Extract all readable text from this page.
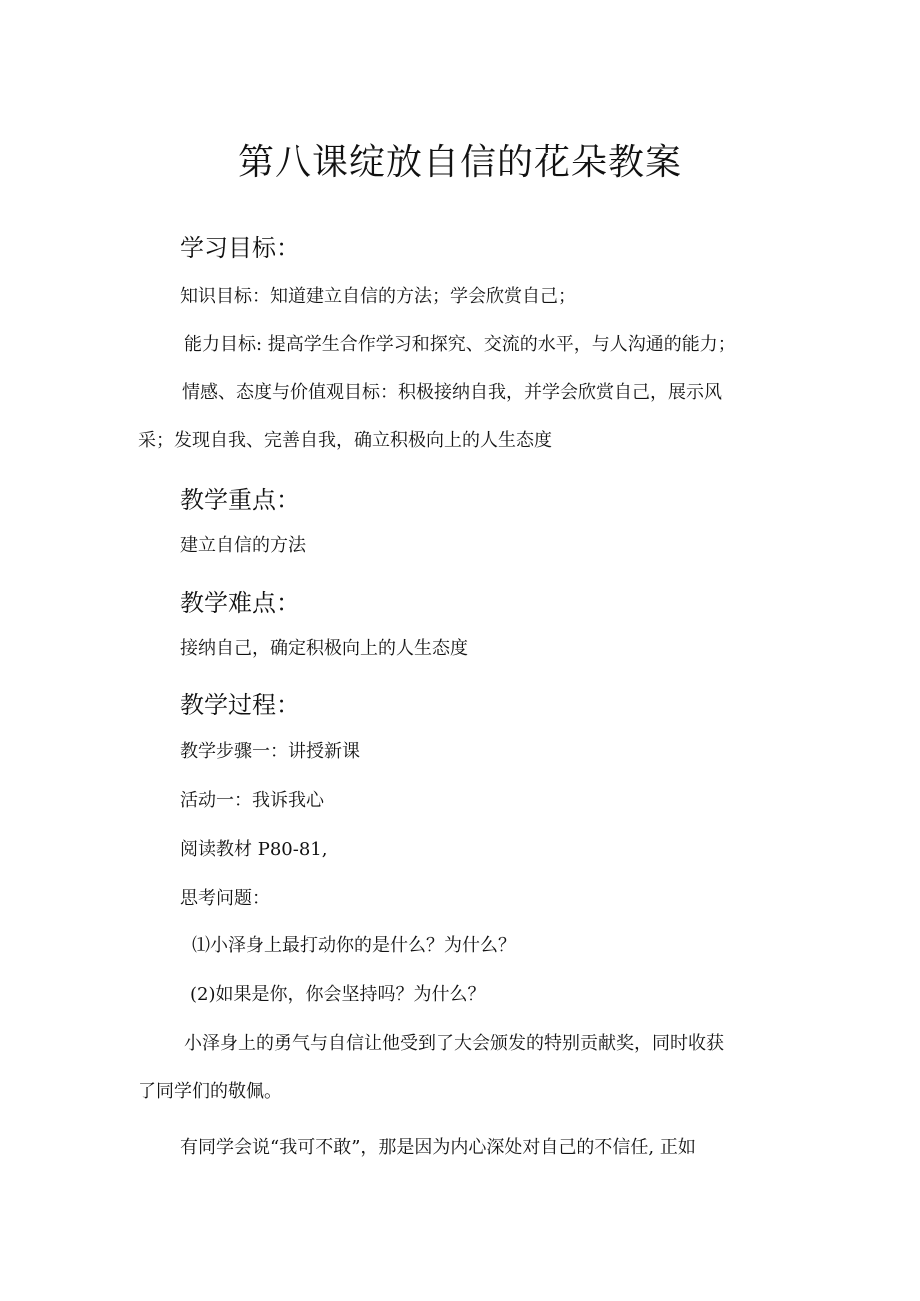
第八课绽放自信的花朵教案

学习目标：

知识目标：知道建立自信的方法；学会欣赏自己；

能力目标: 提高学生合作学习和探究、交流的水平，与人沟通的能力；

情感、态度与价值观目标：积极接纳自我，并学会欣赏自己，展示风

采；发现自我、完善自我，确立积极向上的人生态度

教学重点：

建立自信的方法

教学难点：

接纳自己，确定积极向上的人生态度

教学过程：

教学步骤一：讲授新课

活动一：我诉我心

阅读教材 P80-81,

思考问题：

⑴小泽身上最打动你的是什么？为什么？

(2)如果是你，你会坚持吗？为什么？

小泽身上的勇气与自信让他受到了大会颁发的特别贡献奖，同时收获

了同学们的敬佩。

有同学会说“我可不敢”，那是因为内心深处对自己的不信任, 正如
